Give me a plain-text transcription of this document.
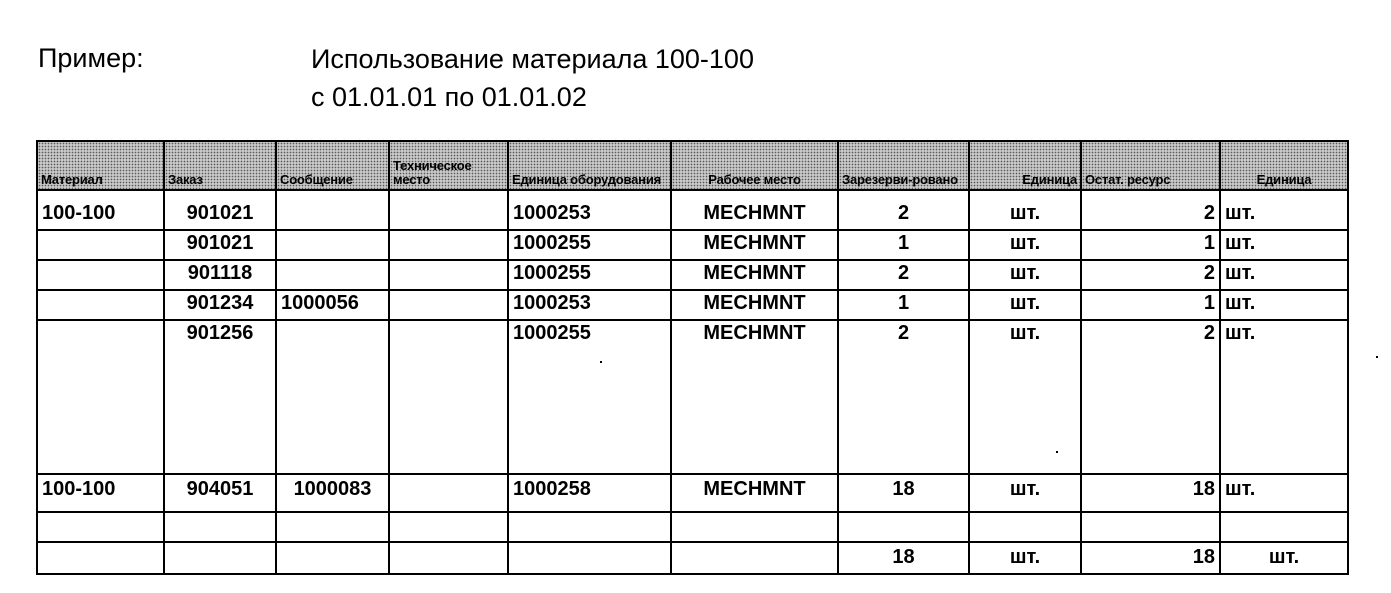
Пример:	Использование материала 100-100
с 01.01.01 по 01.01.02
Материал	Заказ	Сообщение	Техническое место	Единица оборудования	Рабочее место	Зарезерви-ровано	Единица	Остат. ресурс	Единица
100-100	901021			1000253	MECHMNT	2	шт.	2	шт.
	901021			1000255	MECHMNT	1	шт.	1	шт.
	901118			1000255	MECHMNT	2	шт.	2	шт.
	901234	1000056		1000253	MECHMNT	1	шт.	1	шт.
	901256			1000255	MECHMNT	2	шт.	2	шт.
100-100	904051	1000083		1000258	MECHMNT	18	шт.	18	шт.

						18	шт.	18	шт.
